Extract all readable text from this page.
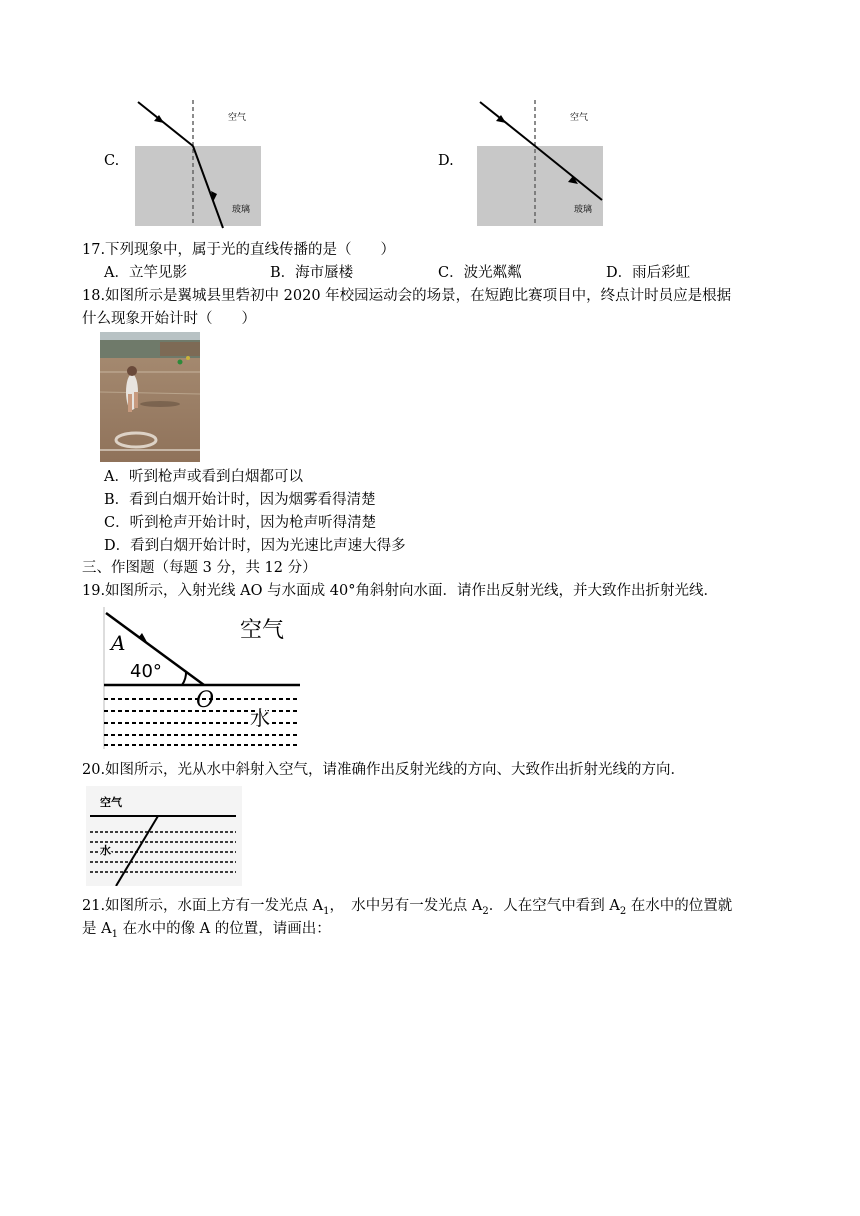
C.
空气
玻璃
D.
空气
玻璃
17.下列现象中，属于光的直线传播的是（　　）
A．立竿见影	B．海市蜃楼	C．波光粼粼	D．雨后彩虹
18.如图所示是翼城县里砦初中 2020 年校园运动会的场景，在短跑比赛项目中，终点计时员应是根据
什么现象开始计时（　　）
A．听到枪声或看到白烟都可以
B．看到白烟开始计时，因为烟雾看得清楚
C．听到枪声开始计时，因为枪声听得清楚
D．看到白烟开始计时，因为光速比声速大得多
三、作图题（每题 3 分，共 12 分）
19.如图所示，入射光线 AO 与水面成 40°角斜射向水面．请作出反射光线，并大致作出折射光线．
A
40°
O
空气
水
20.如图所示，光从水中斜射入空气，请准确作出反射光线的方向、大致作出折射光线的方向．
空气
水
21.如图所示，水面上方有一发光点 $A_1$，　水中另有一发光点 $A_2$．人在空气中看到 $A_2$ 在水中的位置就
是 $A_1$ 在水中的像 A 的位置，请画出：
